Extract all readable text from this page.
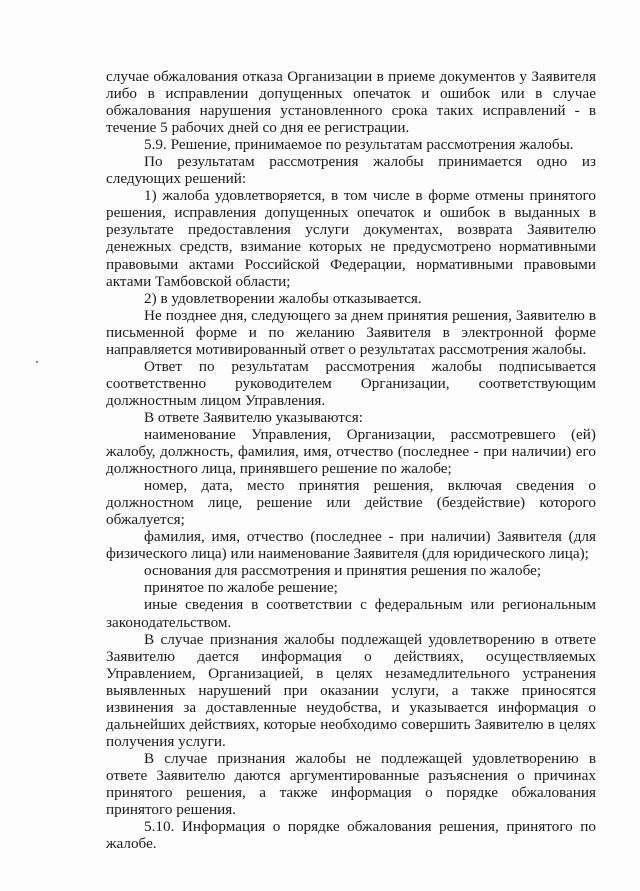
случае обжалования отказа Организации в приеме документов у Заявителя либо в исправлении допущенных опечаток и ошибок или в случае обжалования нарушения установленного срока таких исправлений - в течение 5 рабочих дней со дня ее регистрации.

5.9. Решение, принимаемое по результатам рассмотрения жалобы.

По результатам рассмотрения жалобы принимается одно из следующих решений:

1) жалоба удовлетворяется, в том числе в форме отмены принятого решения, исправления допущенных опечаток и ошибок в выданных в результате предоставления услуги документах, возврата Заявителю денежных средств, взимание которых не предусмотрено нормативными правовыми актами Российской Федерации, нормативными правовыми актами Тамбовской области;

2) в удовлетворении жалобы отказывается.

Не позднее дня, следующего за днем принятия решения, Заявителю в письменной форме и по желанию Заявителя в электронной форме направляется мотивированный ответ о результатах рассмотрения жалобы.

Ответ по результатам рассмотрения жалобы подписывается соответственно руководителем Организации, соответствующим должностным лицом Управления.

В ответе Заявителю указываются:

наименование Управления, Организации, рассмотревшего (ей) жалобу, должность, фамилия, имя, отчество (последнее - при наличии) его должностного лица, принявшего решение по жалобе;

номер, дата, место принятия решения, включая сведения о должностном лице, решение или действие (бездействие) которого обжалуется;

фамилия, имя, отчество (последнее - при наличии) Заявителя (для физического лица) или наименование Заявителя (для юридического лица);

основания для рассмотрения и принятия решения по жалобе;

принятое по жалобе решение;

иные сведения в соответствии с федеральным или региональным законодательством.

В случае признания жалобы подлежащей удовлетворению в ответе Заявителю дается информация о действиях, осуществляемых Управлением, Организацией, в целях незамедлительного устранения выявленных нарушений при оказании услуги, а также приносятся извинения за доставленные неудобства, и указывается информация о дальнейших действиях, которые необходимо совершить Заявителю в целях получения услуги.

В случае признания жалобы не подлежащей удовлетворению в ответе Заявителю даются аргументированные разъяснения о причинах принятого решения, а также информация о порядке обжалования принятого решения.

5.10. Информация о порядке обжалования решения, принятого по жалобе.
